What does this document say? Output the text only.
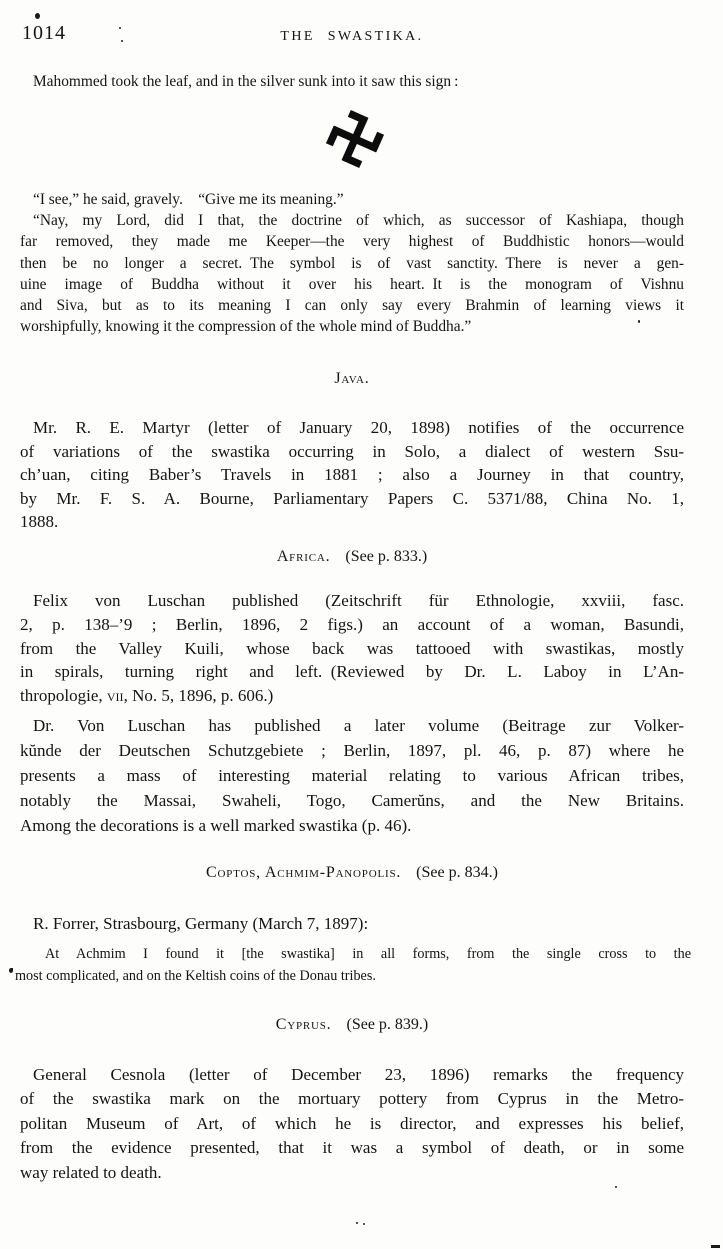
1014	THE SWASTIKA.
Mahommed took the leaf, and in the silver sunk into it saw this sign :
“I see,” he said, gravely.  “Give me its meaning.”
“Nay, my Lord, did I that, the doctrine of which, as successor of Kashiapa, though
far removed, they made me Keeper—the very highest of Buddhistic honors—would
then be no longer a secret. The symbol is of vast sanctity. There is never a gen-
uine image of Buddha without it over his heart. It is the monogram of Vishnu
and Siva, but as to its meaning I can only say every Brahmin of learning views it
worshipfully, knowing it the compression of the whole mind of Buddha.”
Java.
Mr. R. E. Martyr (letter of January 20, 1898) notifies of the occurrence
of variations of the swastika occurring in Solo, a dialect of western Ssu-
ch’uan, citing Baber’s Travels in 1881 ; also a Journey in that country,
by Mr. F. S. A. Bourne, Parliamentary Papers C. 5371/88, China No. 1,
1888.
Africa. (See p. 833.)
Felix von Luschan published (Zeitschrift für Ethnologie, xxviii, fasc.
2, p. 138–’9 ; Berlin, 1896, 2 figs.) an account of a woman, Basundi,
from the Valley Kuili, whose back was tattooed with swastikas, mostly
in spirals, turning right and left. (Reviewed by Dr. L. Laboy in L’An-
thropologie, vii, No. 5, 1896, p. 606.)
Dr. Von Luschan has published a later volume (Beitrage zur Volker-
kŭnde der Deutschen Schutzgebiete ; Berlin, 1897, pl. 46, p. 87) where he
presents a mass of interesting material relating to various African tribes,
notably the Massai, Swaheli, Togo, Camerŭns, and the New Britains.
Among the decorations is a well marked swastika (p. 46).
Coptos, Achmim-Panopolis. (See p. 834.)
R. Forrer, Strasbourg, Germany (March 7, 1897):
At Achmim I found it [the swastika] in all forms, from the single cross to the
most complicated, and on the Keltish coins of the Donau tribes.
Cyprus. (See p. 839.)
General Cesnola (letter of December 23, 1896) remarks the frequency
of the swastika mark on the mortuary pottery from Cyprus in the Metro-
politan Museum of Art, of which he is director, and expresses his belief,
from the evidence presented, that it was a symbol of death, or in some
way related to death.
